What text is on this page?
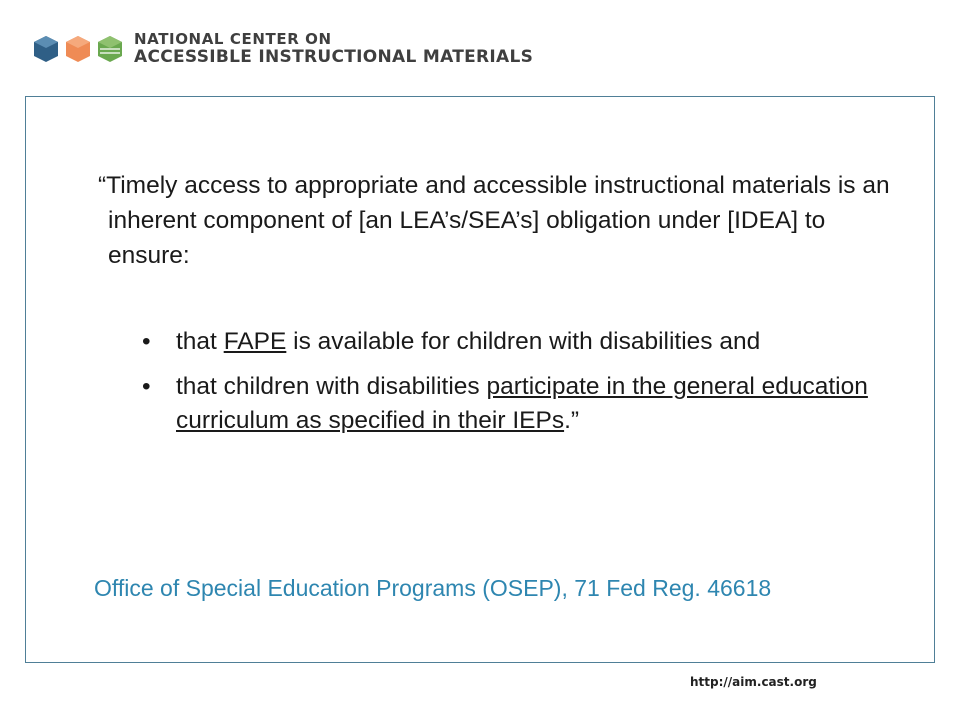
NATIONAL CENTER ON
ACCESSIBLE INSTRUCTIONAL MATERIALS

“Timely access to appropriate and accessible instructional materials is an inherent component of [an LEA’s/SEA’s] obligation under [IDEA] to ensure:

• that FAPE is available for children with disabilities and
• that children with disabilities participate in the general education curriculum as specified in their IEPs.”

Office of Special Education Programs (OSEP), 71 Fed Reg. 46618

http://aim.cast.org
